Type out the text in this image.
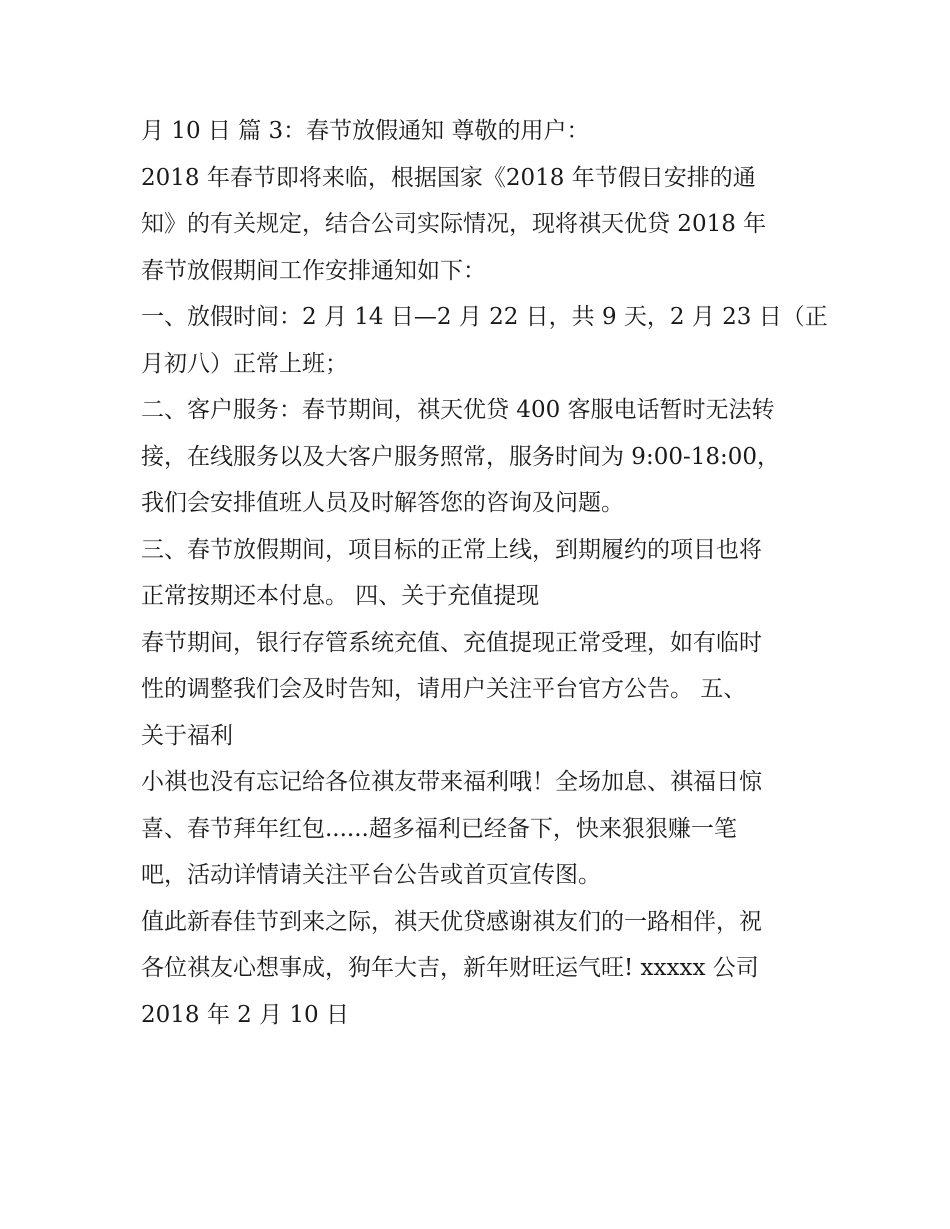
月 10 日 篇 3：春节放假通知 尊敬的用户：
2018 年春节即将来临，根据国家《2018 年节假日安排的通
知》的有关规定，结合公司实际情况，现将祺天优贷 2018 年
春节放假期间工作安排通知如下：
一、放假时间：2 月 14 日—2 月 22 日，共 9 天，2 月 23 日（正
月初八）正常上班；
二、客户服务：春节期间，祺天优贷 400 客服电话暂时无法转
接，在线服务以及大客户服务照常，服务时间为 9:00-18:00，
我们会安排值班人员及时解答您的咨询及问题。
三、春节放假期间，项目标的正常上线，到期履约的项目也将
正常按期还本付息。 四、关于充值提现
春节期间，银行存管系统充值、充值提现正常受理，如有临时
性的调整我们会及时告知，请用户关注平台官方公告。 五、
关于福利
小祺也没有忘记给各位祺友带来福利哦！全场加息、祺福日惊
喜、春节拜年红包......超多福利已经备下，快来狠狠赚一笔
吧，活动详情请关注平台公告或首页宣传图。
值此新春佳节到来之际，祺天优贷感谢祺友们的一路相伴，祝
各位祺友心想事成，狗年大吉，新年财旺运气旺! xxxxx 公司
2018 年 2 月 10 日
